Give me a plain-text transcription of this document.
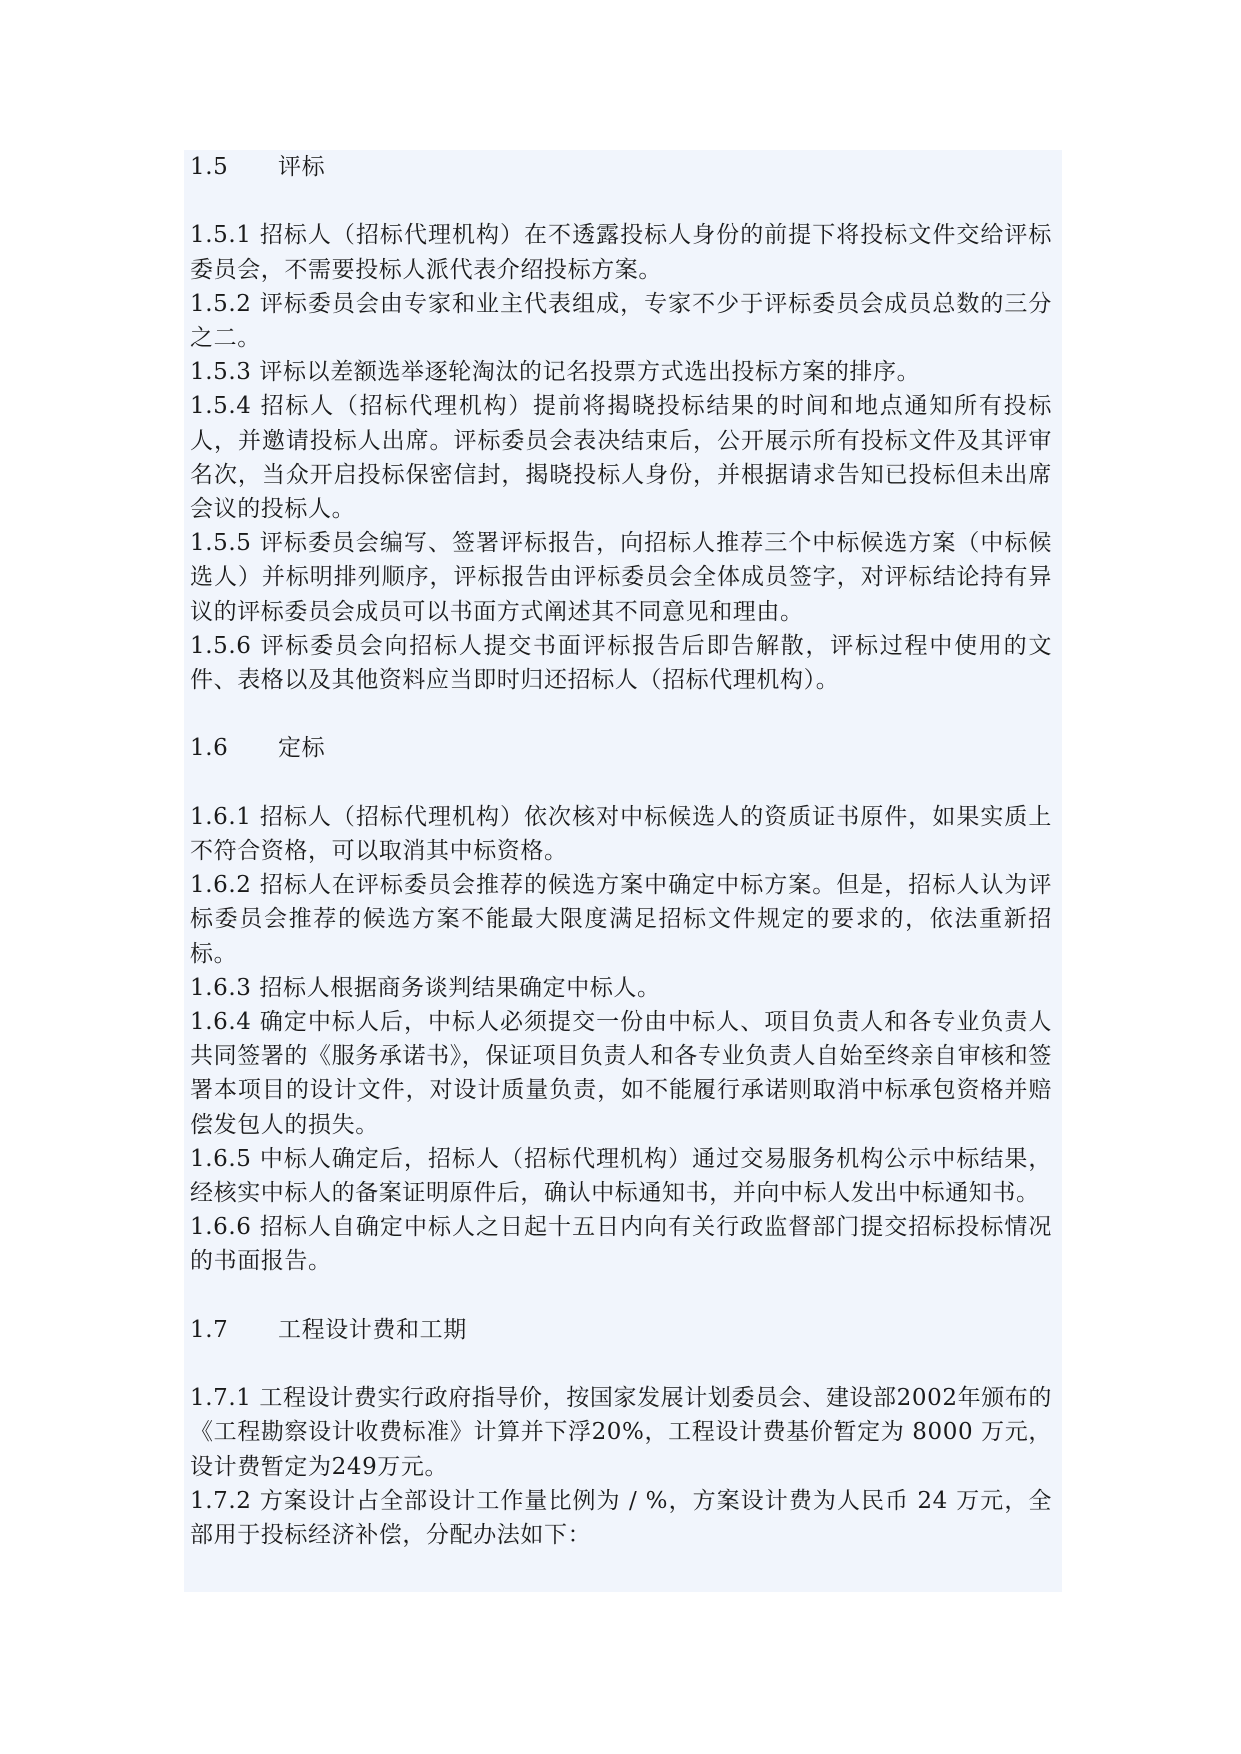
1.5	评标

1.5.1 招标人（招标代理机构）在不透露投标人身份的前提下将投标文件交给评标委员会，不需要投标人派代表介绍投标方案。

1.5.2 评标委员会由专家和业主代表组成，专家不少于评标委员会成员总数的三分之二。

1.5.3 评标以差额选举逐轮淘汰的记名投票方式选出投标方案的排序。

1.5.4 招标人（招标代理机构）提前将揭晓投标结果的时间和地点通知所有投标人，并邀请投标人出席。评标委员会表决结束后，公开展示所有投标文件及其评审名次，当众开启投标保密信封，揭晓投标人身份，并根据请求告知已投标但未出席会议的投标人。

1.5.5 评标委员会编写、签署评标报告，向招标人推荐三个中标候选方案（中标候选人）并标明排列顺序，评标报告由评标委员会全体成员签字，对评标结论持有异议的评标委员会成员可以书面方式阐述其不同意见和理由。

1.5.6 评标委员会向招标人提交书面评标报告后即告解散，评标过程中使用的文件、表格以及其他资料应当即时归还招标人（招标代理机构）。

1.6	定标

1.6.1 招标人（招标代理机构）依次核对中标候选人的资质证书原件，如果实质上不符合资格，可以取消其中标资格。

1.6.2 招标人在评标委员会推荐的候选方案中确定中标方案。但是，招标人认为评标委员会推荐的候选方案不能最大限度满足招标文件规定的要求的，依法重新招标。

1.6.3 招标人根据商务谈判结果确定中标人。

1.6.4 确定中标人后，中标人必须提交一份由中标人、项目负责人和各专业负责人共同签署的《服务承诺书》，保证项目负责人和各专业负责人自始至终亲自审核和签署本项目的设计文件，对设计质量负责，如不能履行承诺则取消中标承包资格并赔偿发包人的损失。

1.6.5 中标人确定后，招标人（招标代理机构）通过交易服务机构公示中标结果，经核实中标人的备案证明原件后，确认中标通知书，并向中标人发出中标通知书。

1.6.6 招标人自确定中标人之日起十五日内向有关行政监督部门提交招标投标情况的书面报告。

1.7	工程设计费和工期

1.7.1 工程设计费实行政府指导价，按国家发展计划委员会、建设部2002年颁布的《工程勘察设计收费标准》计算并下浮20%，工程设计费基价暂定为 8000 万元，设计费暂定为249万元。

1.7.2 方案设计占全部设计工作量比例为 / %，方案设计费为人民币 24 万元，全部用于投标经济补偿，分配办法如下：
